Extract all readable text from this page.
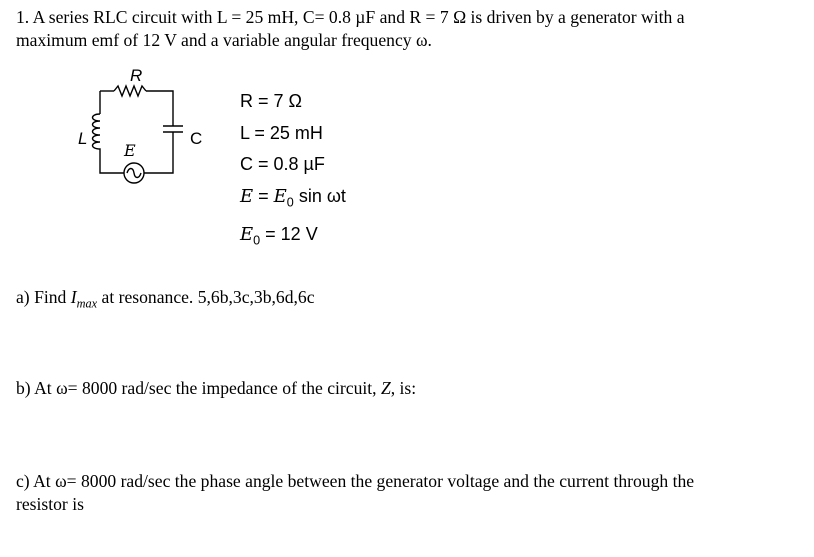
1. A series RLC circuit with L = 25 mH, C= 0.8 µF and R = 7 Ω is driven by a generator with a
maximum emf of 12 V and a variable angular frequency ω.
R
L	C
E
R = 7 Ω
L = 25 mH
C = 0.8 µF
$E = E_0$ sin ωt
$E_0 = 12$ V
a) Find $I_{max}$ at resonance. 5,6b,3c,3b,6d,6c
b) At ω= 8000 rad/sec the impedance of the circuit, Z, is:
c) At ω= 8000 rad/sec the phase angle between the generator voltage and the current through the
resistor is
